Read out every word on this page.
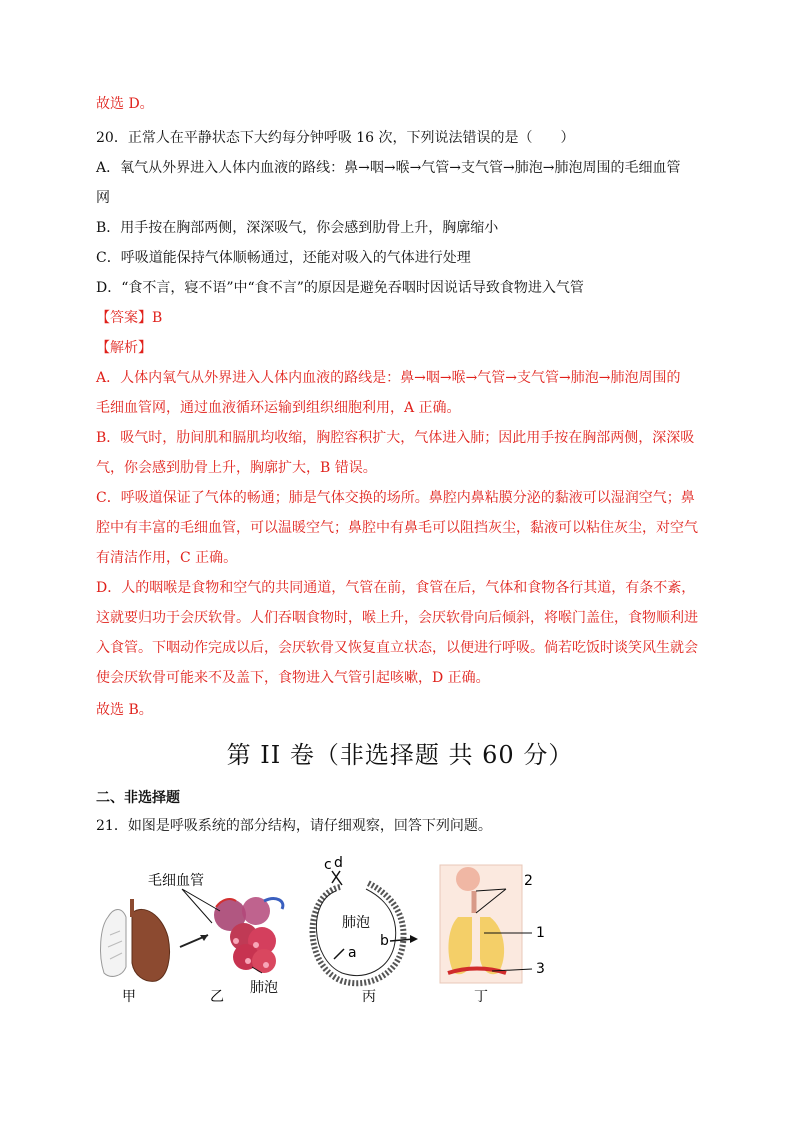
故选 D。
20．正常人在平静状态下大约每分钟呼吸 16 次，下列说法错误的是（　　）
A．氧气从外界进入人体内血液的路线：鼻→咽→喉→气管→支气管→肺泡→肺泡周围的毛细血管
网
B．用手按在胸部两侧，深深吸气，你会感到肋骨上升，胸廓缩小
C．呼吸道能保持气体顺畅通过，还能对吸入的气体进行处理
D．“食不言，寝不语”中“食不言”的原因是避免吞咽时因说话导致食物进入气管
【答案】B
【解析】
A．人体内氧气从外界进入人体内血液的路线是：鼻→咽→喉→气管→支气管→肺泡→肺泡周围的
毛细血管网，通过血液循环运输到组织细胞利用，A 正确。
B．吸气时，肋间肌和膈肌均收缩，胸腔容积扩大，气体进入肺；因此用手按在胸部两侧，深深吸
气，你会感到肋骨上升，胸廓扩大，B 错误。
C．呼吸道保证了气体的畅通；肺是气体交换的场所。鼻腔内鼻粘膜分泌的黏液可以湿润空气；鼻
腔中有丰富的毛细血管，可以温暖空气；鼻腔中有鼻毛可以阻挡灰尘，黏液可以粘住灰尘，对空气
有清洁作用，C 正确。
D．人的咽喉是食物和空气的共同通道，气管在前，食管在后，气体和食物各行其道，有条不紊，
这就要归功于会厌软骨。人们吞咽食物时，喉上升，会厌软骨向后倾斜，将喉门盖住，食物顺利进
入食管。下咽动作完成以后，会厌软骨又恢复直立状态，以便进行呼吸。倘若吃饭时谈笑风生就会
使会厌软骨可能来不及盖下，食物进入气管引起咳嗽，D 正确。
故选 B。
第 II 卷（非选择题 共 60 分）
二、非选择题
21．如图是呼吸系统的部分结构，请仔细观察，回答下列问题。
毛细血管
肺泡
甲	乙
c d
肺泡
a
b
丙
2
1
3
丁
